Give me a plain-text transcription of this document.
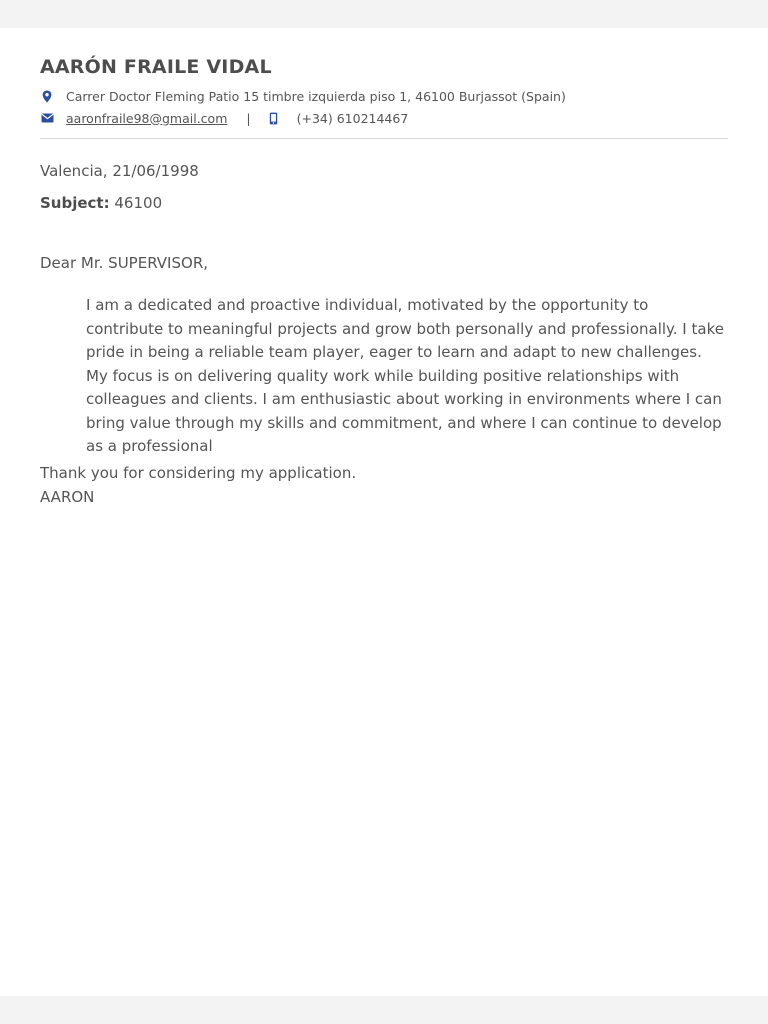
AARÓN FRAILE VIDAL
Carrer Doctor Fleming Patio 15 timbre izquierda piso 1, 46100 Burjassot (Spain)
aaronfraile98@gmail.com |	(+34) 610214467
Valencia, 21/06/1998
Subject: 46100
Dear Mr. SUPERVISOR,

I am a dedicated and proactive individual, motivated by the opportunity to contribute to meaningful projects and grow both personally and professionally. I take pride in being a reliable team player, eager to learn and adapt to new challenges. My focus is on delivering quality work while building positive relationships with colleagues and clients. I am enthusiastic about working in environments where I can bring value through my skills and commitment, and where I can continue to develop as a professional

Thank you for considering my application.
AARON
